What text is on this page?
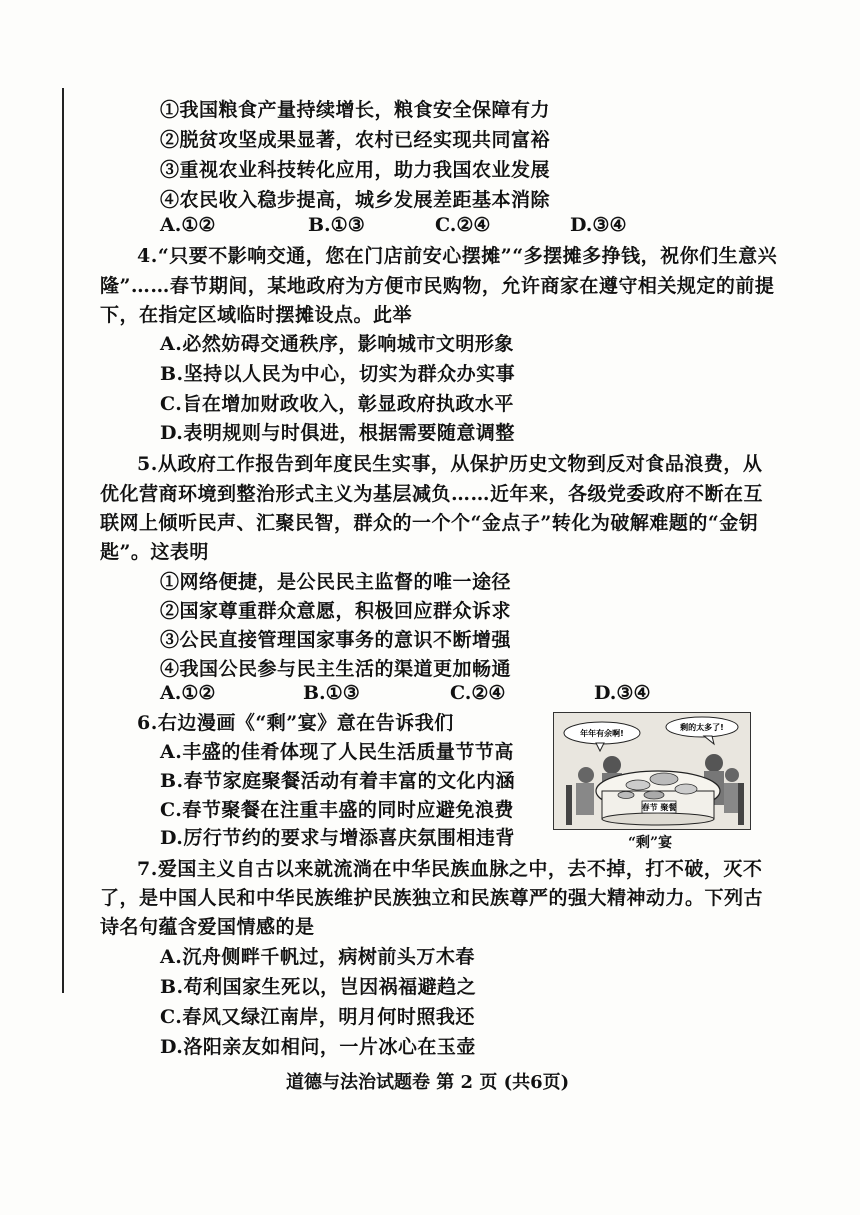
①我国粮食产量持续增长，粮食安全保障有力
②脱贫攻坚成果显著，农村已经实现共同富裕
③重视农业科技转化应用，助力我国农业发展
④农民收入稳步提高，城乡发展差距基本消除
A.①②	B.①③	C.②④	D.③④
4.“只要不影响交通，您在门店前安心摆摊”“多摆摊多挣钱，祝你们生意兴
隆”……春节期间，某地政府为方便市民购物，允许商家在遵守相关规定的前提
下，在指定区域临时摆摊设点。此举
A.必然妨碍交通秩序，影响城市文明形象
B.坚持以人民为中心，切实为群众办实事
C.旨在增加财政收入，彰显政府执政水平
D.表明规则与时俱进，根据需要随意调整
5.从政府工作报告到年度民生实事，从保护历史文物到反对食品浪费，从
优化营商环境到整治形式主义为基层减负……近年来，各级党委政府不断在互
联网上倾听民声、汇聚民智，群众的一个个“金点子”转化为破解难题的“金钥
匙”。这表明
①网络便捷，是公民民主监督的唯一途径
②国家尊重群众意愿，积极回应群众诉求
③公民直接管理国家事务的意识不断增强
④我国公民参与民主生活的渠道更加畅通
A.①②	B.①③	C.②④	D.③④
6.右边漫画《“剩”宴》意在告诉我们
A.丰盛的佳肴体现了人民生活质量节节高
B.春节家庭聚餐活动有着丰富的文化内涵
C.春节聚餐在注重丰盛的同时应避免浪费
D.厉行节约的要求与增添喜庆氛围相违背
年年有余啊!
剩的太多了!
春节 聚餐
“剩”宴
7.爱国主义自古以来就流淌在中华民族血脉之中，去不掉，打不破，灭不
了，是中国人民和中华民族维护民族独立和民族尊严的强大精神动力。下列古
诗名句蕴含爱国情感的是
A.沉舟侧畔千帆过，病树前头万木春
B.苟利国家生死以，岂因祸福避趋之
C.春风又绿江南岸，明月何时照我还
D.洛阳亲友如相问，一片冰心在玉壶
道德与法治试题卷 第 2 页 (共6页)
